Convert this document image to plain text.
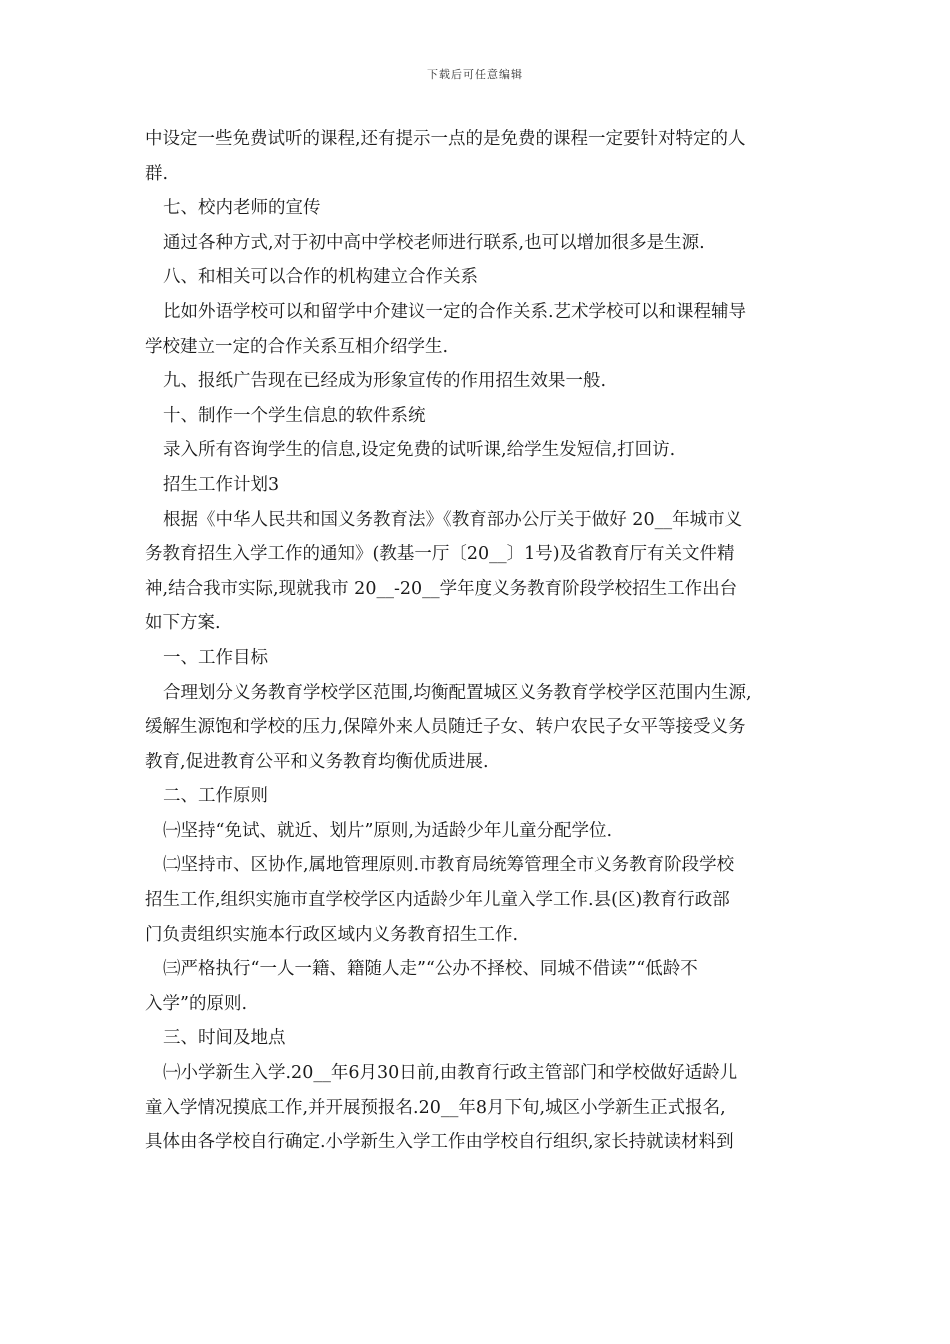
下载后可任意编辑
中设定一些免费试听的课程,还有提示一点的是免费的课程一定要针对特定的人
群.
七、校内老师的宣传
通过各种方式,对于初中高中学校老师进行联系,也可以增加很多是生源.
八、和相关可以合作的机构建立合作关系
比如外语学校可以和留学中介建议一定的合作关系.艺术学校可以和课程辅导
学校建立一定的合作关系互相介绍学生.
九、报纸广告现在已经成为形象宣传的作用招生效果一般.
十、制作一个学生信息的软件系统
录入所有咨询学生的信息,设定免费的试听课,给学生发短信,打回访.
招生工作计划3
根据《中华人民共和国义务教育法》《教育部办公厅关于做好 20__年城市义
务教育招生入学工作的通知》(教基一厅〔20__〕1号)及省教育厅有关文件精
神,结合我市实际,现就我市 20__-20__学年度义务教育阶段学校招生工作出台
如下方案.
一、工作目标
合理划分义务教育学校学区范围,均衡配置城区义务教育学校学区范围内生源,
缓解生源饱和学校的压力,保障外来人员随迁子女、转户农民子女平等接受义务
教育,促进教育公平和义务教育均衡优质进展.
二、工作原则
㈠坚持“免试、就近、划片”原则,为适龄少年儿童分配学位.
㈡坚持市、区协作,属地管理原则.市教育局统筹管理全市义务教育阶段学校
招生工作,组织实施市直学校学区内适龄少年儿童入学工作.县(区)教育行政部
门负责组织实施本行政区域内义务教育招生工作.
㈢严格执行“一人一籍、籍随人走”“公办不择校、同城不借读”“低龄不
入学”的原则.
三、时间及地点
㈠小学新生入学.20__年6月30日前,由教育行政主管部门和学校做好适龄儿
童入学情况摸底工作,并开展预报名.20__年8月下旬,城区小学新生正式报名,
具体由各学校自行确定.小学新生入学工作由学校自行组织,家长持就读材料到
